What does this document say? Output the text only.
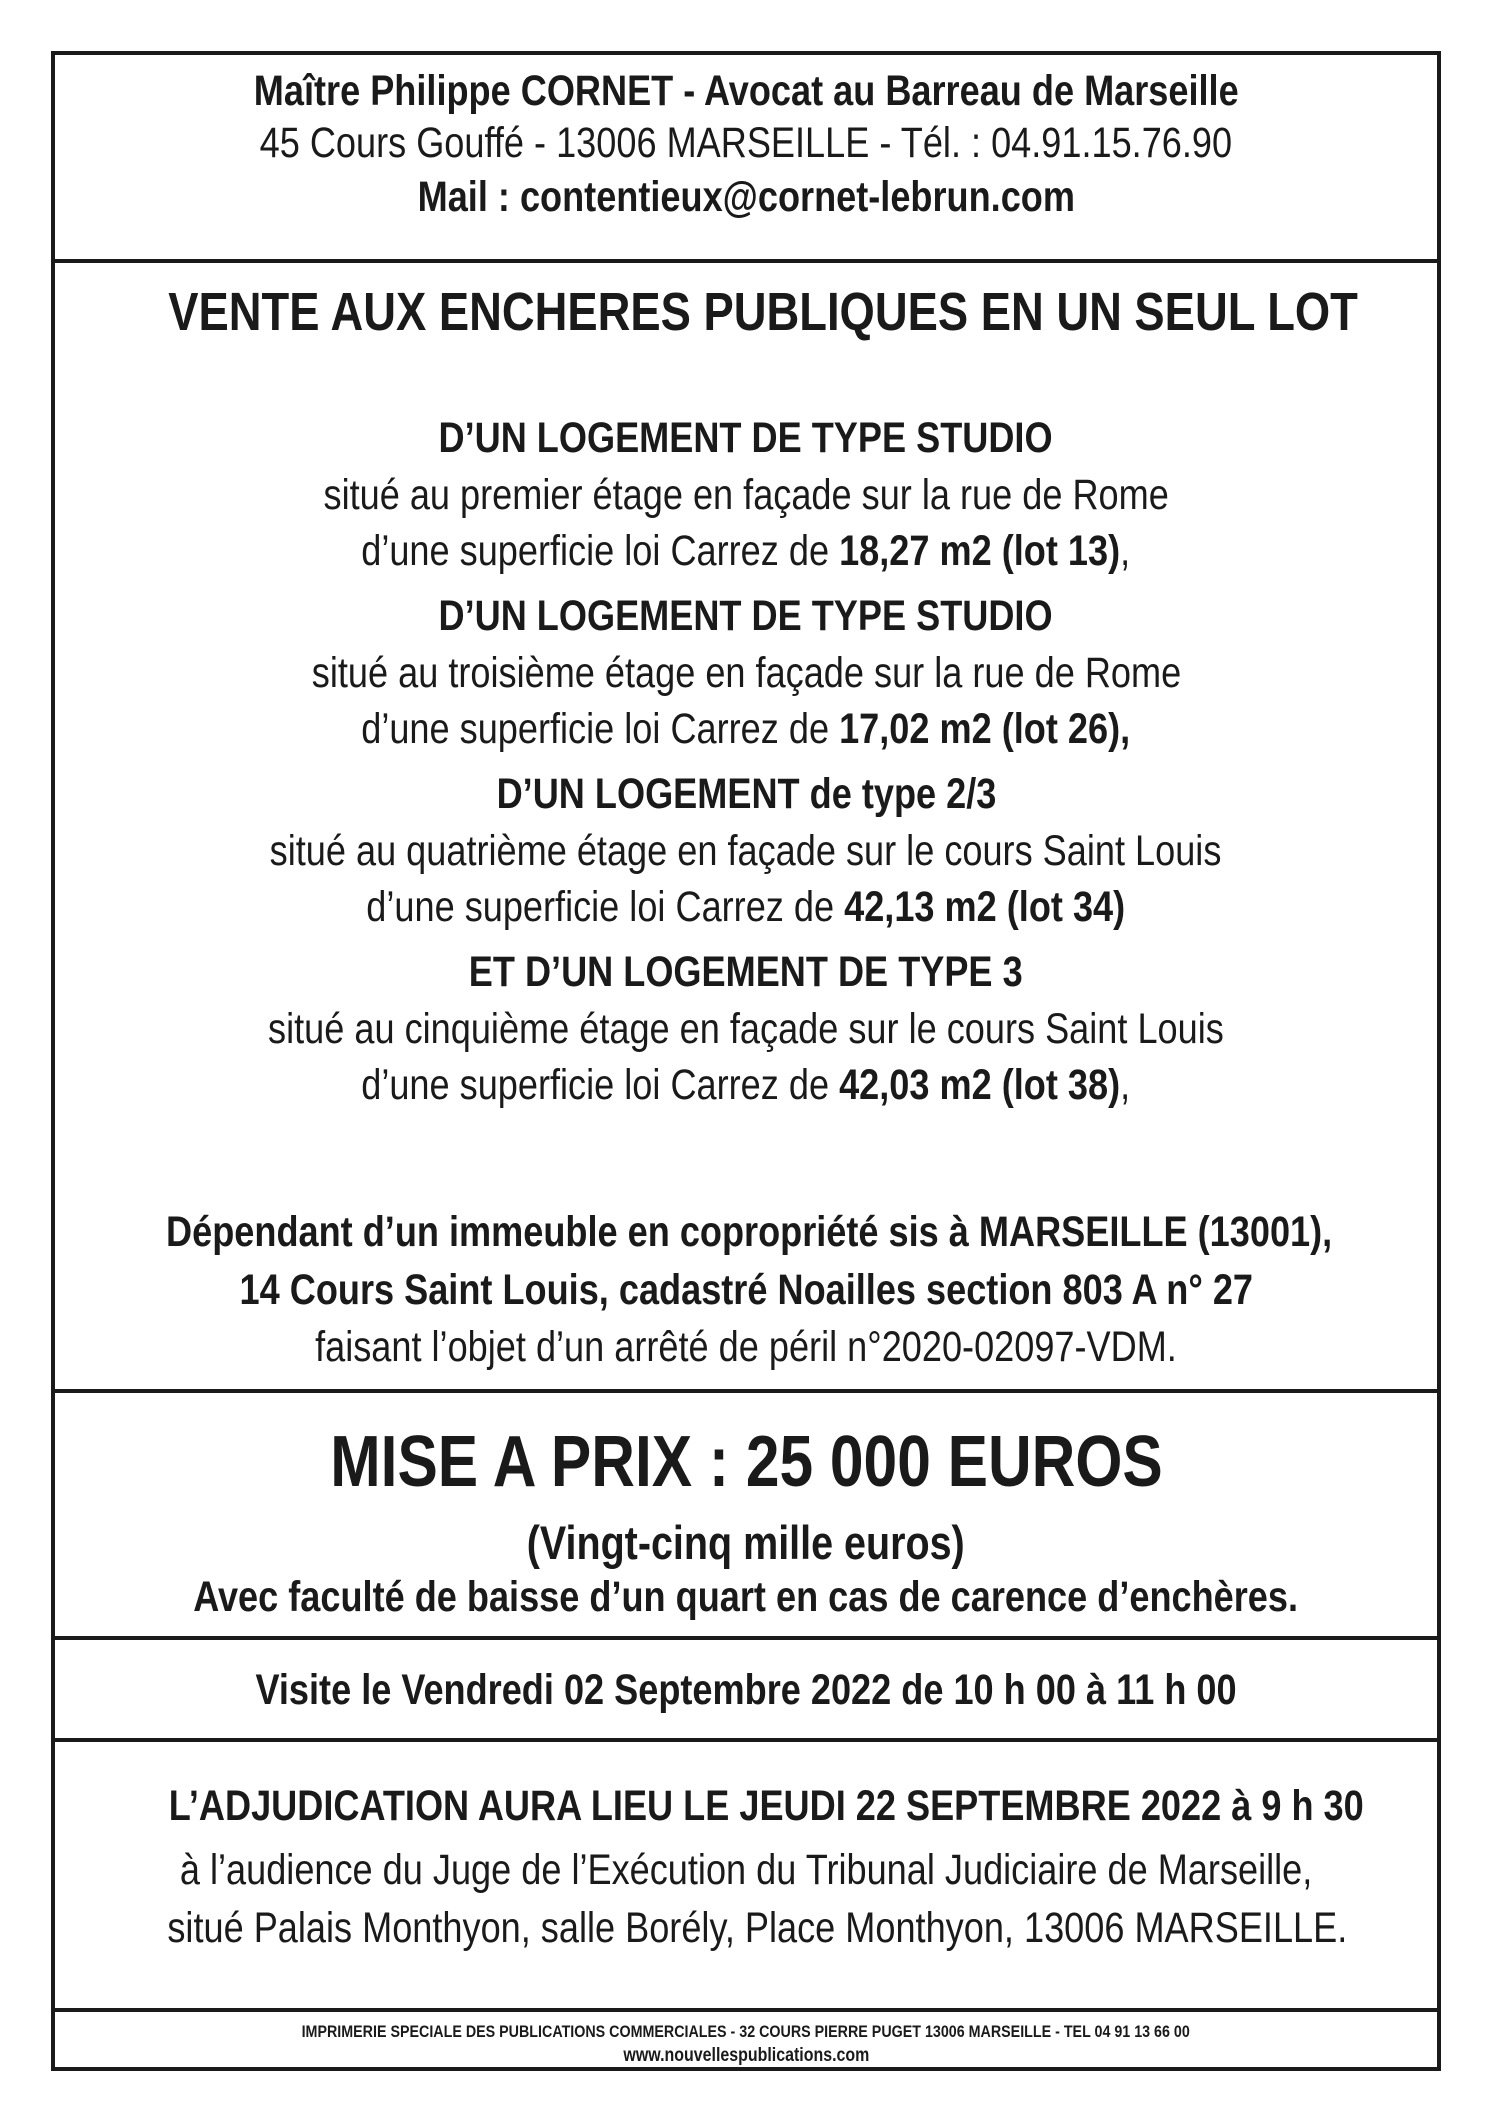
Maître Philippe CORNET - Avocat au Barreau de Marseille
45 Cours Gouffé - 13006 MARSEILLE - Tél. : 04.91.15.76.90
Mail : contentieux@cornet-lebrun.com
VENTE AUX ENCHERES PUBLIQUES EN UN SEUL LOT
D’UN LOGEMENT DE TYPE STUDIO
situé au premier étage en façade sur la rue de Rome
d’une superficie loi Carrez de 18,27 m2 (lot 13),
D’UN LOGEMENT DE TYPE STUDIO
situé au troisième étage en façade sur la rue de Rome
d’une superficie loi Carrez de 17,02 m2 (lot 26),
D’UN LOGEMENT de type 2/3
situé au quatrième étage en façade sur le cours Saint Louis
d’une superficie loi Carrez de 42,13 m2 (lot 34)
ET D’UN LOGEMENT DE TYPE 3
situé au cinquième étage en façade sur le cours Saint Louis
d’une superficie loi Carrez de 42,03 m2 (lot 38),
Dépendant d’un immeuble en copropriété sis à MARSEILLE (13001),
14 Cours Saint Louis, cadastré Noailles section 803 A n° 27
faisant l’objet d’un arrêté de péril n°2020-02097-VDM.
MISE A PRIX : 25 000 EUROS
(Vingt-cinq mille euros)
Avec faculté de baisse d’un quart en cas de carence d’enchères.
Visite le Vendredi 02 Septembre 2022 de 10 h 00 à 11 h 00
L’ADJUDICATION AURA LIEU LE JEUDI 22 SEPTEMBRE 2022 à 9 h 30
à l’audience du Juge de l’Exécution du Tribunal Judiciaire de Marseille,
situé Palais Monthyon, salle Borély, Place Monthyon, 13006 MARSEILLE.
IMPRIMERIE SPECIALE DES PUBLICATIONS COMMERCIALES - 32 COURS PIERRE PUGET 13006 MARSEILLE - TEL 04 91 13 66 00
www.nouvellespublications.com
